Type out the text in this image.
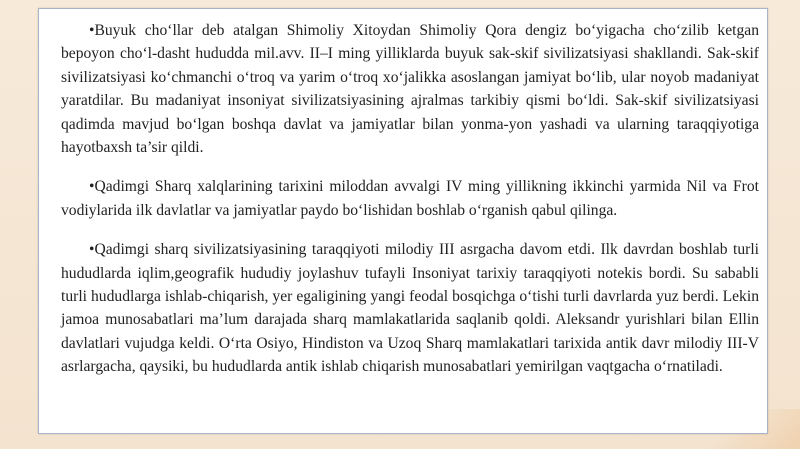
•Buyuk cho‘llar deb atalgan Shimoliy Xitoydan Shimoliy Qora dengiz bo‘yigacha cho‘zilib ketgan bepoyon cho‘l-dasht hududda mil.avv. II–I ming yilliklarda buyuk sak-skif sivilizatsiyasi shakllandi. Sak-skif sivilizatsiyasi ko‘chmanchi o‘troq va yarim o‘troq xo‘jalikka asoslangan jamiyat bo‘lib, ular noyob madaniyat yaratdilar. Bu madaniyat insoniyat sivilizatsiyasining ajralmas tarkibiy qismi bo‘ldi. Sak-skif sivilizatsiyasi qadimda mavjud bo‘lgan boshqa davlat va jamiyatlar bilan yonma-yon yashadi va ularning taraqqiyotiga hayotbaxsh ta’sir qildi.

•Qadimgi Sharq xalqlarining tarixini miloddan avvalgi IV ming yillikning ikkinchi yarmida Nil va Frot vodiylarida ilk davlatlar va jamiyatlar paydo bo‘lishidan boshlab o‘rganish qabul qilinga.

•Qadimgi sharq sivilizatsiyasining taraqqiyoti milodiy III asrgacha davom etdi. Ilk davrdan boshlab turli hududlarda iqlim,geografik hududiy joylashuv tufayli Insoniyat tarixiy taraqqiyoti notekis bordi. Su sababli turli hududlarga ishlab-chiqarish, yer egaligining yangi feodal bosqichga o‘tishi turli davrlarda yuz berdi. Lekin jamoa munosabatlari ma’lum darajada sharq mamlakatlarida saqlanib qoldi. Aleksandr yurishlari bilan Ellin davlatlari vujudga keldi. O‘rta Osiyo, Hindiston va Uzoq Sharq mamlakatlari tarixida antik davr milodiy III-V asrlargacha, qaysiki, bu hududlarda antik ishlab chiqarish munosabatlari yemirilgan vaqtgacha o‘rnatiladi.
